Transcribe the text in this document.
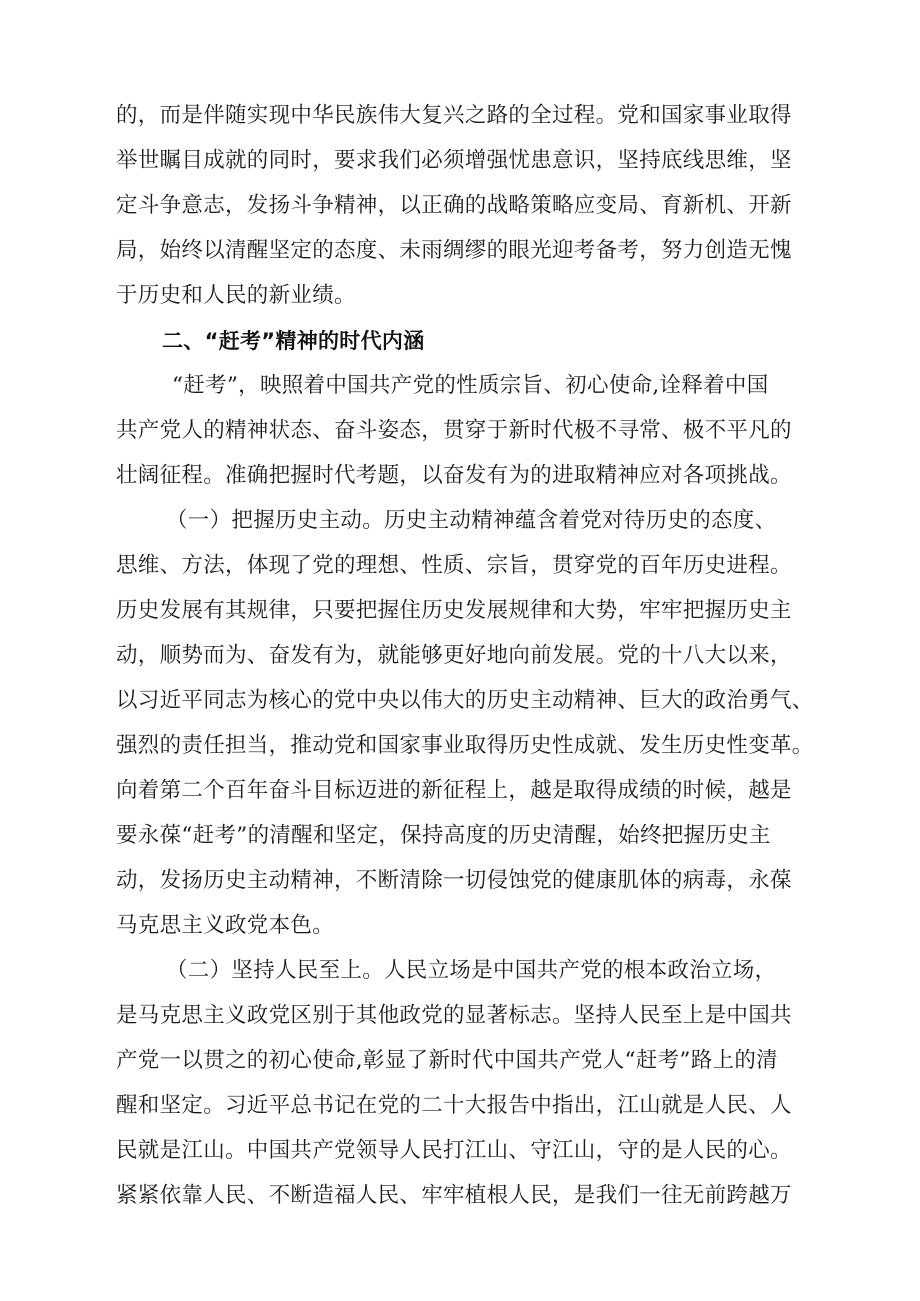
的，而是伴随实现中华民族伟大复兴之路的全过程。党和国家事业取得
举世瞩目成就的同时，要求我们必须增强忧患意识，坚持底线思维，坚
定斗争意志，发扬斗争精神，以正确的战略策略应变局、育新机、开新
局，始终以清醒坚定的态度、未雨绸缪的眼光迎考备考，努力创造无愧
于历史和人民的新业绩。
二、“赶考”精神的时代内涵
“赶考”，映照着中国共产党的性质宗旨、初心使命,诠释着中国
共产党人的精神状态、奋斗姿态，贯穿于新时代极不寻常、极不平凡的
壮阔征程。准确把握时代考题，以奋发有为的进取精神应对各项挑战。
（一）把握历史主动。历史主动精神蕴含着党对待历史的态度、
思维、方法，体现了党的理想、性质、宗旨，贯穿党的百年历史进程。
历史发展有其规律，只要把握住历史发展规律和大势，牢牢把握历史主
动，顺势而为、奋发有为，就能够更好地向前发展。党的十八大以来，
以习近平同志为核心的党中央以伟大的历史主动精神、巨大的政治勇气、
强烈的责任担当，推动党和国家事业取得历史性成就、发生历史性变革。
向着第二个百年奋斗目标迈进的新征程上，越是取得成绩的时候，越是
要永葆“赶考”的清醒和坚定，保持高度的历史清醒，始终把握历史主
动，发扬历史主动精神，不断清除一切侵蚀党的健康肌体的病毒，永葆
马克思主义政党本色。
（二）坚持人民至上。人民立场是中国共产党的根本政治立场，
是马克思主义政党区别于其他政党的显著标志。坚持人民至上是中国共
产党一以贯之的初心使命,彰显了新时代中国共产党人“赶考”路上的清
醒和坚定。习近平总书记在党的二十大报告中指出，江山就是人民、人
民就是江山。中国共产党领导人民打江山、守江山，守的是人民的心。
紧紧依靠人民、不断造福人民、牢牢植根人民，是我们一往无前跨越万
